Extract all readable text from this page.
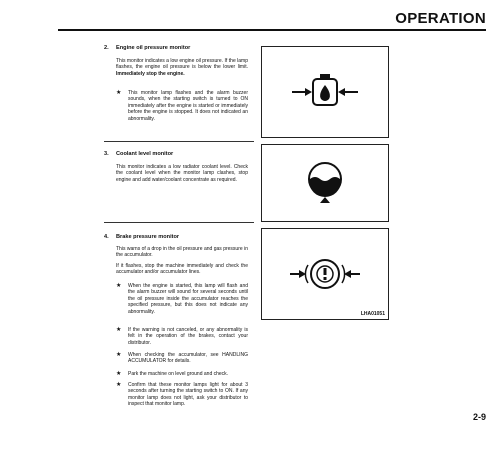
OPERATION
2. Engine oil pressure monitor

This monitor indicates a low engine oil pressure. If the lamp flashes, the engine oil pressure is below the lower limit. Immediately stop the engine.

★ This monitor lamp flashes and the alarm buzzer sounds, when the starting switch is turned to ON immediately after the engine is started or immediately before the engine is stopped. It does not indicated an abnormality.
3. Coolant level monitor

This monitor indicates a low radiator coolant level. Check the coolant level when the monitor lamp clashes, stop engine and add water/coolant concentrate as required.

4. Brake pressure monitor

This warns of a drop in the oil pressure and gas pressure in the accumulator.

If it flashes, stop the machine immediately and check the accumulator and/or accumulator lines.

★ When the engine is started, this lamp will flash and the alarm buzzer will sound for several seconds until the oil pressure inside the accumulator reaches the specified pressure, but this does not indicate any abnormality.
★ If the warning is not canceled, or any abnormality is felt in the operation of the brakes, contact your distributor.
★ When checking the accumulator, see HANDLING ACCUMULATOR for details.
★ Park the machine on level ground and check.
★ Confirm that these monitor lamps light for about 3 seconds after turning the starting switch to ON. If any monitor lamp does not light, ask your distributor to inspect that monitor lamp.
LHA01051
2-9
